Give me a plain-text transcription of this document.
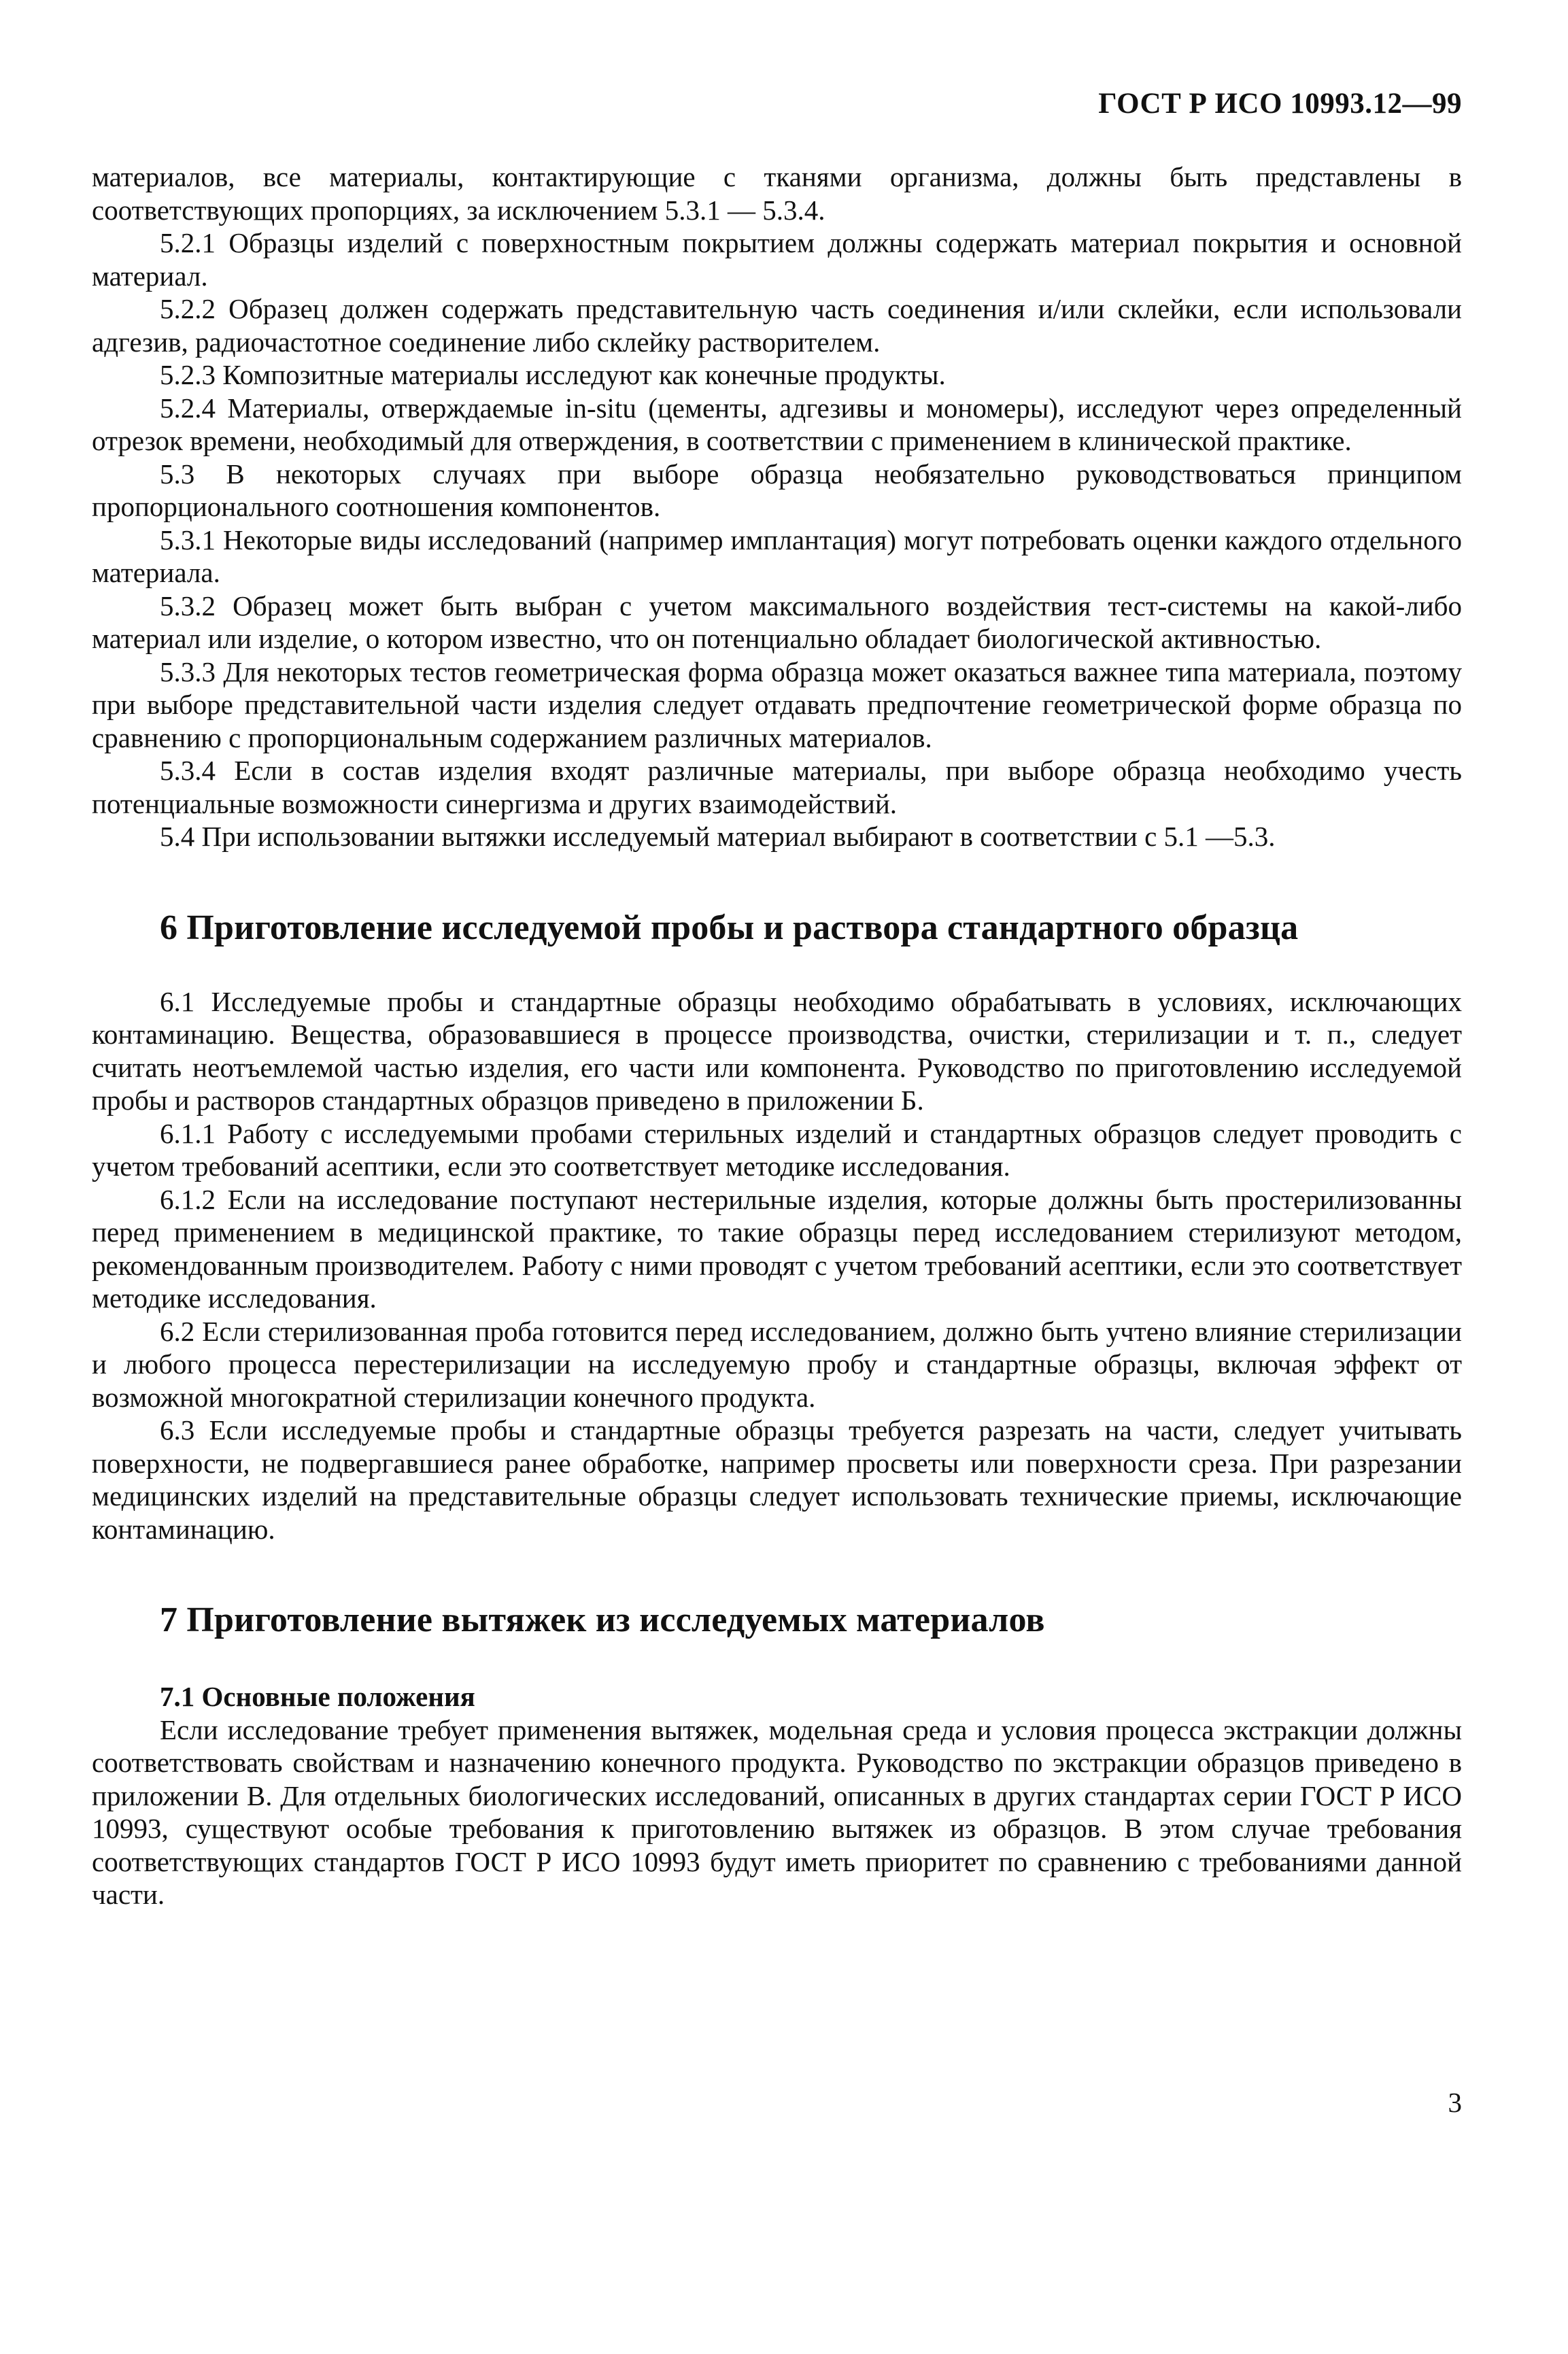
ГОСТ Р ИСО 10993.12—99

материалов, все материалы, контактирующие с тканями организма, должны быть представлены в соответствующих пропорциях, за исключением 5.3.1 — 5.3.4.

5.2.1 Образцы изделий с поверхностным покрытием должны содержать материал покрытия и основной материал.

5.2.2 Образец должен содержать представительную часть соединения и/или склейки, если использовали адгезив, радиочастотное соединение либо склейку растворителем.

5.2.3 Композитные материалы исследуют как конечные продукты.

5.2.4 Материалы, отверждаемые in-situ (цементы, адгезивы и мономеры), исследуют через определенный отрезок времени, необходимый для отверждения, в соответствии с применением в клинической практике.

5.3 В некоторых случаях при выборе образца необязательно руководствоваться принципом пропорционального соотношения компонентов.

5.3.1 Некоторые виды исследований (например имплантация) могут потребовать оценки каждого отдельного материала.

5.3.2 Образец может быть выбран с учетом максимального воздействия тест-системы на какой-либо материал или изделие, о котором известно, что он потенциально обладает биологической активностью.

5.3.3 Для некоторых тестов геометрическая форма образца может оказаться важнее типа материала, поэтому при выборе представительной части изделия следует отдавать предпочтение геометрической форме образца по сравнению с пропорциональным содержанием различных материалов.

5.3.4 Если в состав изделия входят различные материалы, при выборе образца необходимо учесть потенциальные возможности синергизма и других взаимодействий.

5.4 При использовании вытяжки исследуемый материал выбирают в соответствии с 5.1 —5.3.

6 Приготовление исследуемой пробы и раствора стандартного образца

6.1 Исследуемые пробы и стандартные образцы необходимо обрабатывать в условиях, исключающих контаминацию. Вещества, образовавшиеся в процессе производства, очистки, стерилизации и т. п., следует считать неотъемлемой частью изделия, его части или компонента. Руководство по приготовлению исследуемой пробы и растворов стандартных образцов приведено в приложении Б.

6.1.1 Работу с исследуемыми пробами стерильных изделий и стандартных образцов следует проводить с учетом требований асептики, если это соответствует методике исследования.

6.1.2 Если на исследование поступают нестерильные изделия, которые должны быть простерилизованны перед применением в медицинской практике, то такие образцы перед исследованием стерилизуют методом, рекомендованным производителем. Работу с ними проводят с учетом требований асептики, если это соответствует методике исследования.

6.2 Если стерилизованная проба готовится перед исследованием, должно быть учтено влияние стерилизации и любого процесса перестерилизации на исследуемую пробу и стандартные образцы, включая эффект от возможной многократной стерилизации конечного продукта.

6.3 Если исследуемые пробы и стандартные образцы требуется разрезать на части, следует учитывать поверхности, не подвергавшиеся ранее обработке, например просветы или поверхности среза. При разрезании медицинских изделий на представительные образцы следует использовать технические приемы, исключающие контаминацию.

7 Приготовление вытяжек из исследуемых материалов
7.1 Основные положения

Если исследование требует применения вытяжек, модельная среда и условия процесса экстракции должны соответствовать свойствам и назначению конечного продукта. Руководство по экстракции образцов приведено в приложении В. Для отдельных биологических исследований, описанных в других стандартах серии ГОСТ Р ИСО 10993, существуют особые требования к приготовлению вытяжек из образцов. В этом случае требования соответствующих стандартов ГОСТ Р ИСО 10993 будут иметь приоритет по сравнению с требованиями данной части.

3
